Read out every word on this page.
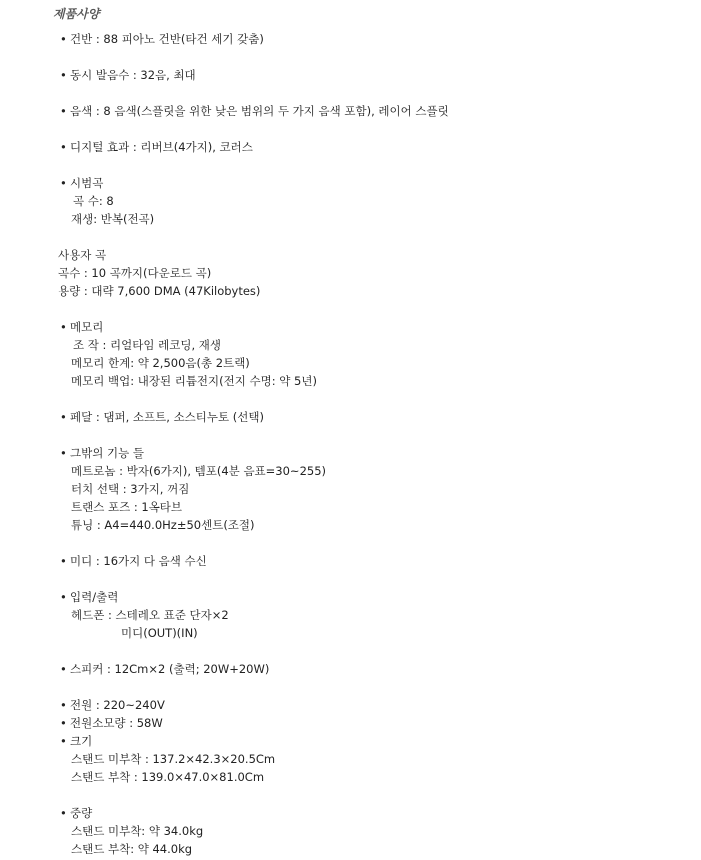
제품사양
• 건반 : 88 피아노 건반(타건 세기 갖춤)
• 동시 발음수 : 32음, 최대
• 음색 : 8 음색(스플릿을 위한 낮은 범위의 두 가지 음색 포함), 레이어 스플릿
• 디지털 효과 : 리버브(4가지), 코러스
• 시범곡
곡 수: 8
재생: 반복(전곡)
사용자 곡
곡수 : 10 곡까지(다운로드 곡)
용량 : 대략 7,600 DMA (47Kilobytes)
• 메모리
조 작 : 리얼타임 레코딩, 재생
메모리 한계: 약 2,500음(총 2트랙)
메모리 백업: 내장된 리튬전지(전지 수명: 약 5년)
• 페달 : 댐퍼, 소프트, 소스티누토 (선택)
• 그밖의 기능 들
메트로놈 : 박자(6가지), 템포(4분 음표=30~255)
터치 선택 : 3가지, 꺼짐
트랜스 포즈 : 1옥타브
튜닝 : A4=440.0Hz±50센트(조절)
• 미디 : 16가지 다 음색 수신
• 입력/출력
헤드폰 : 스테레오 표준 단자×2
미디(OUT)(IN)
• 스피커 : 12Cm×2 (출력; 20W+20W)
• 전원 : 220~240V
• 전원소모량 : 58W
• 크기
스탠드 미부착 : 137.2×42.3×20.5Cm
스탠드 부착 : 139.0×47.0×81.0Cm
• 중량
스탠드 미부착: 약 34.0kg
스탠드 부착: 약 44.0kg
